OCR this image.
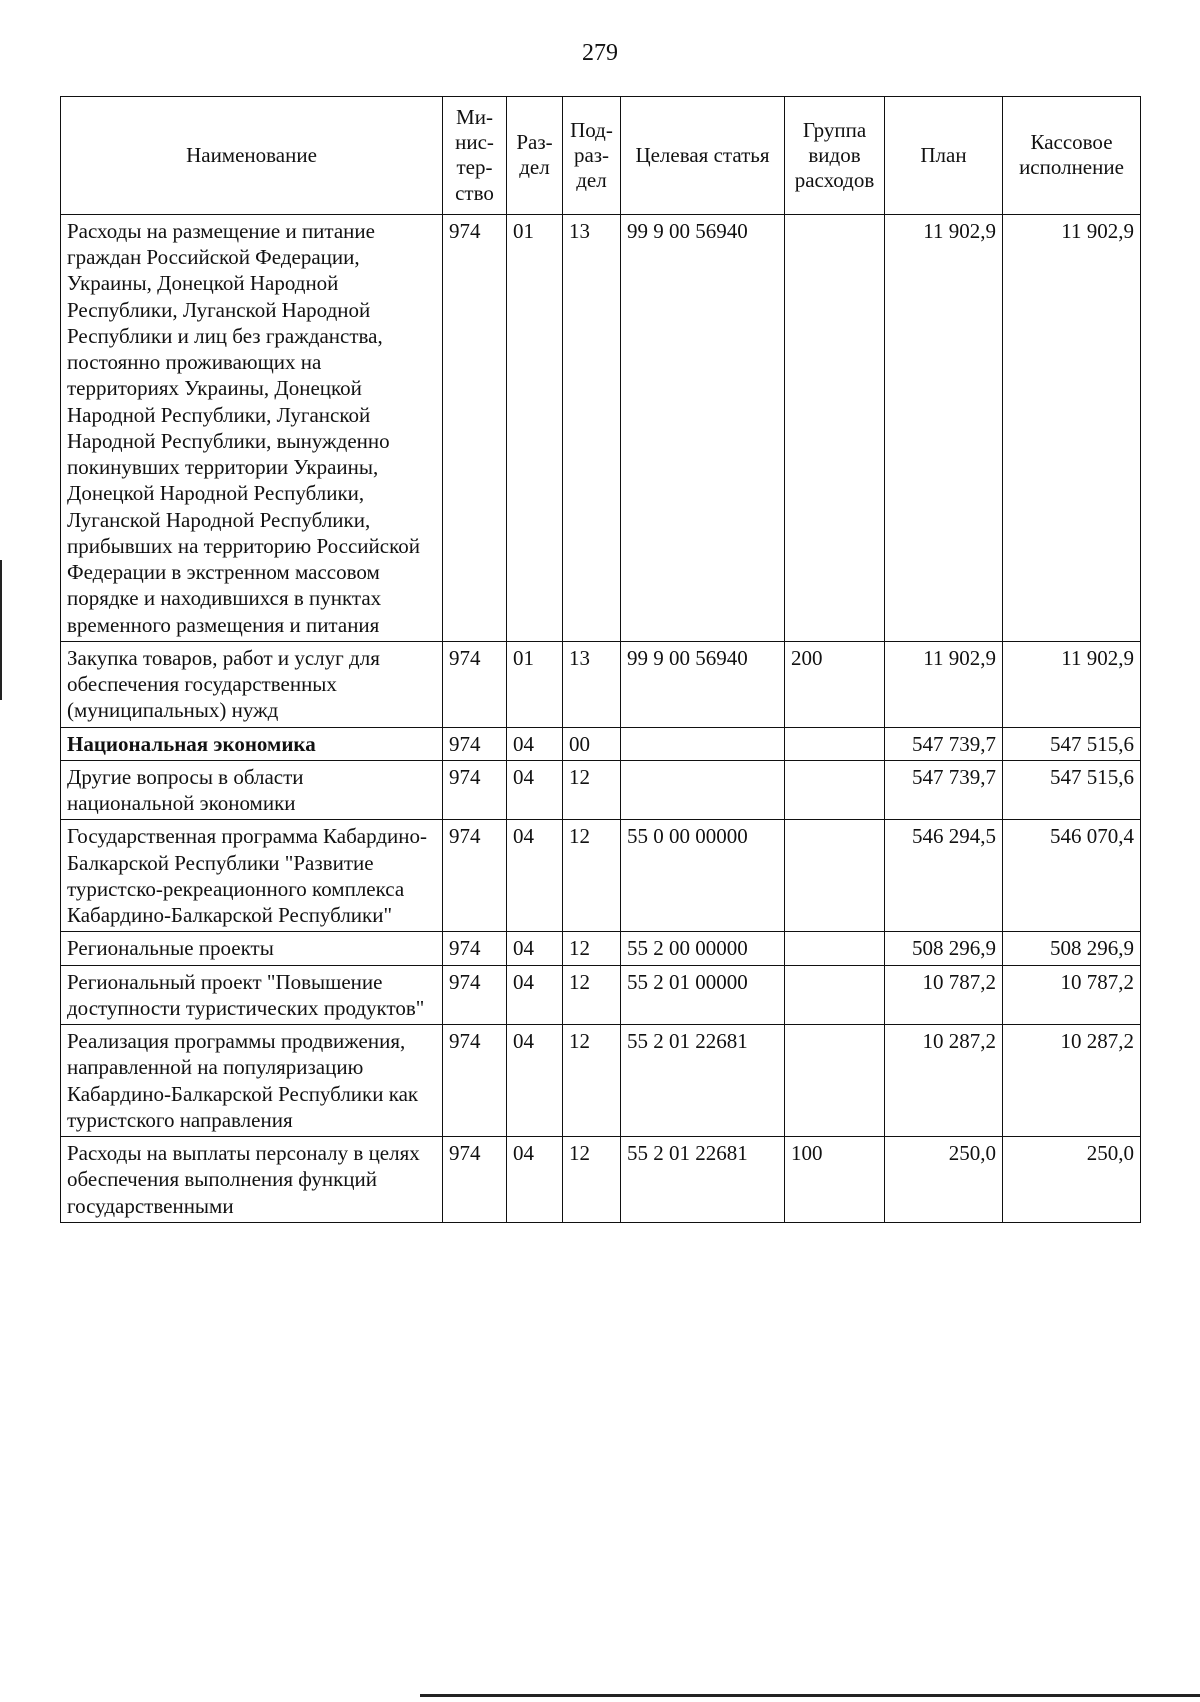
279
Наименование	Ми-нис-тер-ство	Раз-дел	Под-раз-дел	Целевая статья	Группа видов расходов	План	Кассовое исполнение
Расходы на размещение и питание граждан Российской Федерации, Украины, Донецкой Народной Республики, Луганской Народной Республики и лиц без гражданства, постоянно проживающих на территориях Украины, Донецкой Народной Республики, Луганской Народной Республики, вынужденно покинувших территории Украины, Донецкой Народной Республики, Луганской Народной Республики, прибывших на территорию Российской Федерации в экстренном массовом порядке и находившихся в пунктах временного размещения и питания	974	01	13	99 9 00 56940		11 902,9	11 902,9
Закупка товаров, работ и услуг для обеспечения государственных (муниципальных) нужд	974	01	13	99 9 00 56940	200	11 902,9	11 902,9
Национальная экономика	974	04	00			547 739,7	547 515,6
Другие вопросы в области национальной экономики	974	04	12			547 739,7	547 515,6
Государственная программа Кабардино-Балкарской Республики "Развитие туристско-рекреационного комплекса Кабардино-Балкарской Республики"	974	04	12	55 0 00 00000		546 294,5	546 070,4
Региональные проекты	974	04	12	55 2 00 00000		508 296,9	508 296,9
Региональный проект "Повышение доступности туристических продуктов"	974	04	12	55 2 01 00000		10 787,2	10 787,2
Реализация программы продвижения, направленной на популяризацию Кабардино-Балкарской Республики как туристского направления	974	04	12	55 2 01 22681		10 287,2	10 287,2
Расходы на выплаты персоналу в целях обеспечения выполнения функций государственными	974	04	12	55 2 01 22681	100	250,0	250,0
